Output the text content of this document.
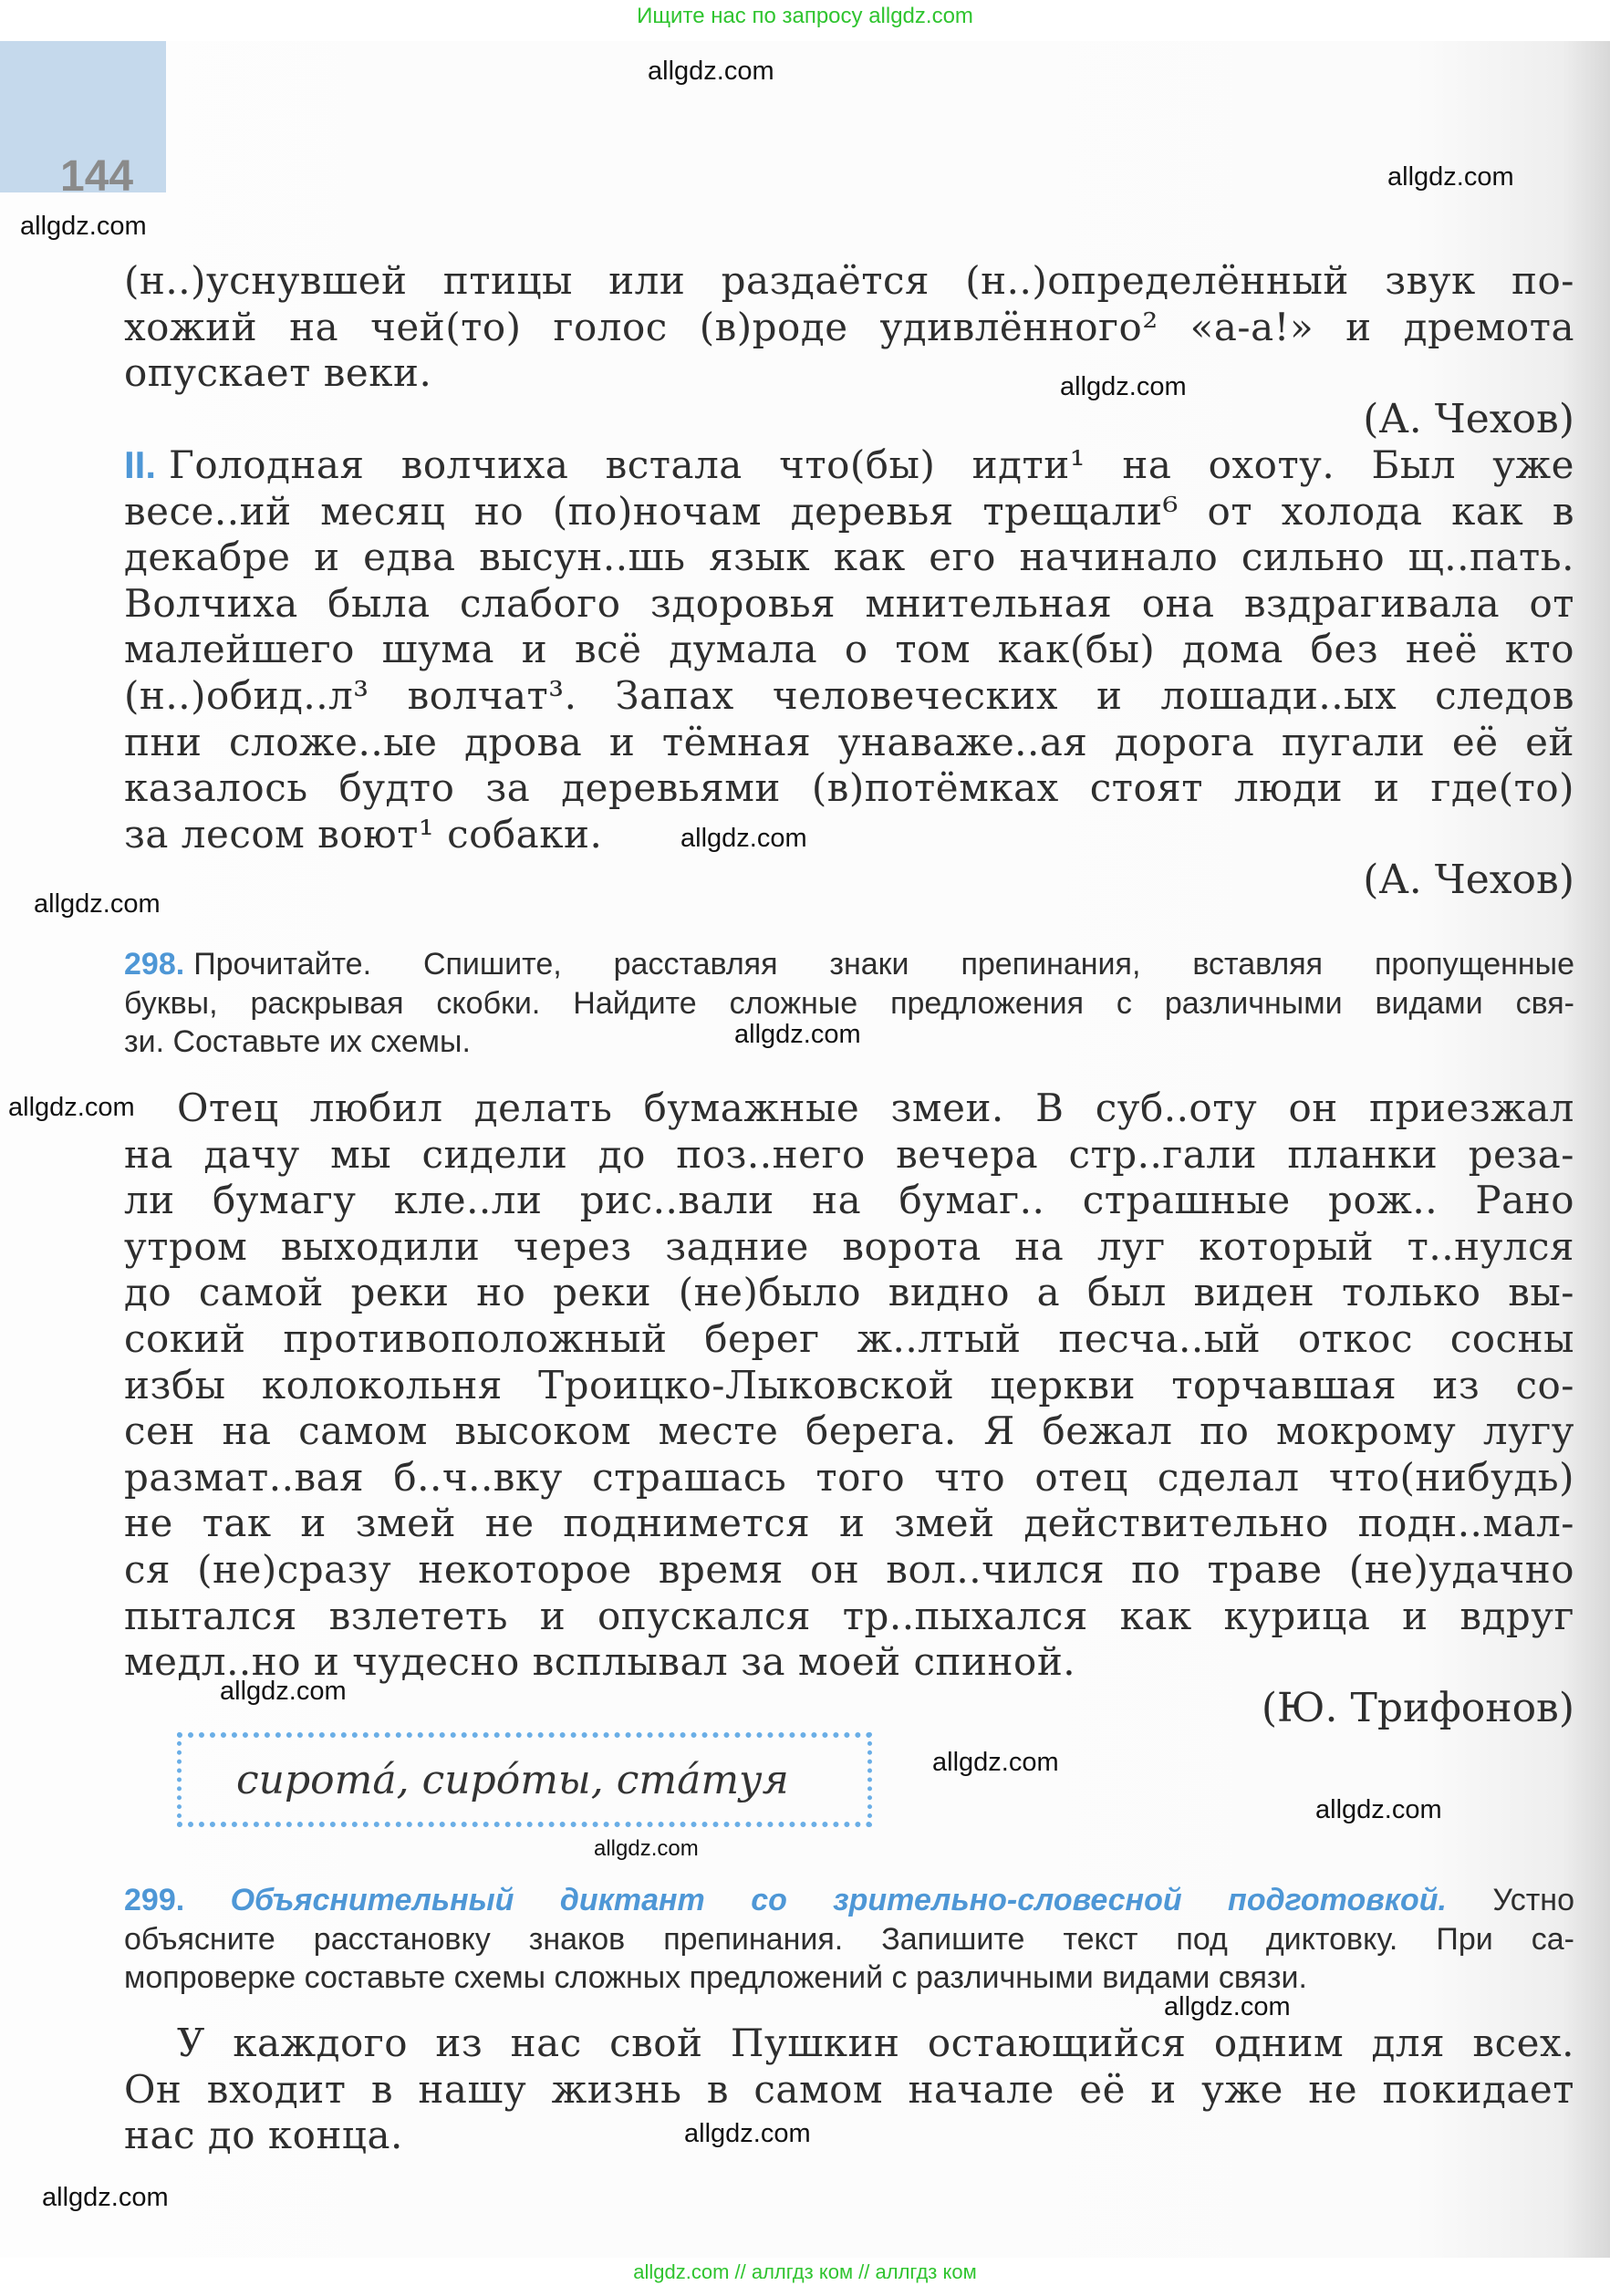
Ищите нас по запросу allgdz.com
144
allgdz.com
allgdz.com
allgdz.com
allgdz.com
allgdz.com
allgdz.com
allgdz.com
allgdz.com
allgdz.com
allgdz.com
allgdz.com
allgdz.com
allgdz.com
allgdz.com
allgdz.com
(н..)уснувшей птицы или раздаётся (н..)определённый звук по-
хожий на чей(то) голос (в)роде удивлённого² «а-а!» и дремота
опускает веки.
(А. Чехов)
II. Голодная волчиха встала что(бы) идти¹ на охоту. Был уже
весе..ий месяц но (по)ночам деревья трещали⁶ от холода как в
декабре и едва высун..шь язык как его начинало сильно щ..пать.
Волчиха была слабого здоровья мнительная она вздрагивала от
малейшего шума и всё думала о том как(бы) дома без неё кто
(н..)обид..л³ волчат³. Запах человеческих и лошади..ых следов
пни сложе..ые дрова и тёмная унаваже..ая дорога пугали её ей
казалось будто за деревьями (в)потёмках стоят люди и где(то)
за лесом воют¹ собаки.
(А. Чехов)
298. Прочитайте. Спишите, расставляя знаки препинания, вставляя пропущенные
буквы, раскрывая скобки. Найдите сложные предложения с различными видами свя-
зи. Составьте их схемы.
Отец любил делать бумажные змеи. В суб..оту он приезжал
на дачу мы сидели до поз..него вечера стр..гали планки реза-
ли бумагу кле..ли рис..вали на бумаг.. страшные рож.. Рано
утром выходили через задние ворота на луг который т..нулся
до самой реки но реки (не)было видно а был виден только вы-
сокий противоположный берег ж..лтый песча..ый откос сосны
избы колокольня Троицко-Лыковской церкви торчавшая из со-
сен на самом высоком месте берега. Я бежал по мокрому лугу
размат..вая б..ч..вку страшась того что отец сделал что(нибудь)
не так и змей не поднимется и змей действительно подн..мал-
ся (не)сразу некоторое время он вол..чился по траве (не)удачно
пытался взлететь и опускался тр..пыхался как курица и вдруг
медл..но и чудесно всплывал за моей спиной.
(Ю. Трифонов)
сиротá, сирóты, стáтуя
299. Объяснительный диктант со зрительно-словесной подготовкой. Устно
объясните расстановку знаков препинания. Запишите текст под диктовку. При са-
мопроверке составьте схемы сложных предложений с различными видами связи.
У каждого из нас свой Пушкин остающийся одним для всех.
Он входит в нашу жизнь в самом начале её и уже не покидает
нас до конца.
allgdz.com // аллгдз ком // аллгдз ком
